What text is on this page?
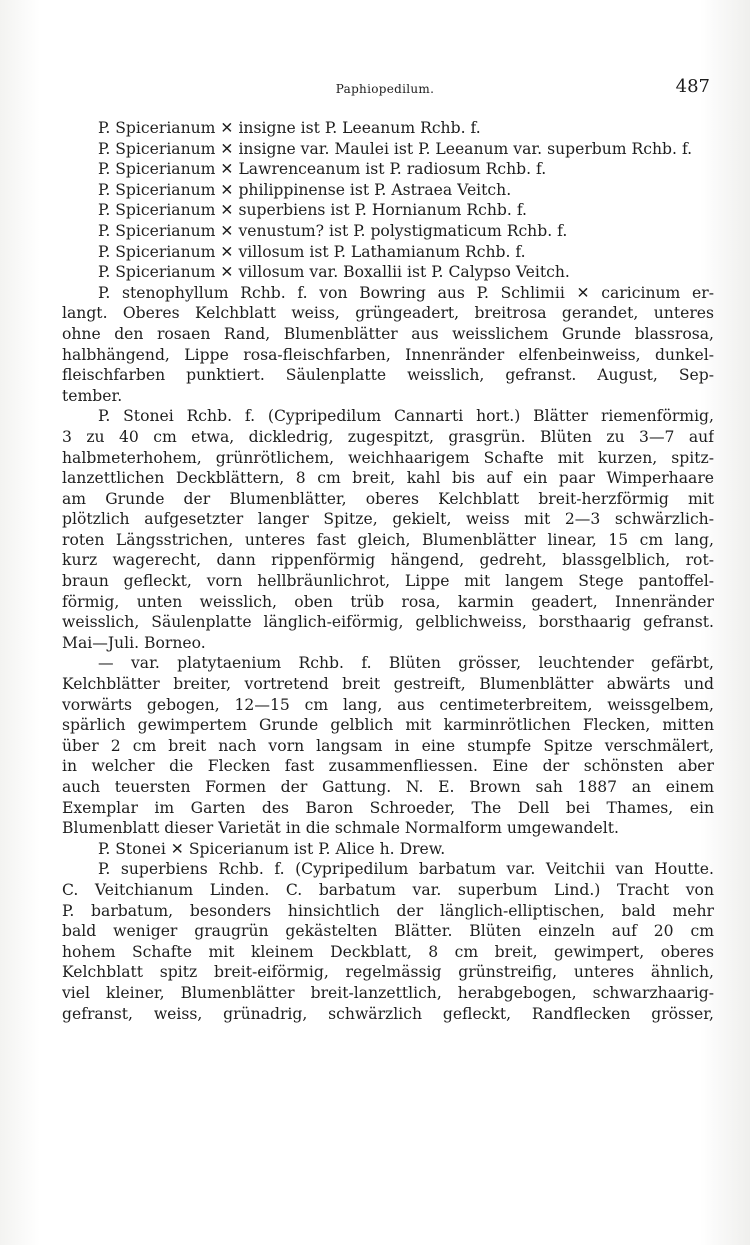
Paphiopedilum.	487
P. Spicerianum ✕ insigne ist P. Leeanum Rchb. f.
P. Spicerianum ✕ insigne var. Maulei ist P. Leeanum var. superbum Rchb. f.
P. Spicerianum ✕ Lawrenceanum ist P. radiosum Rchb. f.
P. Spicerianum ✕ philippinense ist P. Astraea Veitch.
P. Spicerianum ✕ superbiens ist P. Hornianum Rchb. f.
P. Spicerianum ✕ venustum? ist P. polystigmaticum Rchb. f.
P. Spicerianum ✕ villosum ist P. Lathamianum Rchb. f.
P. Spicerianum ✕ villosum var. Boxallii ist P. Calypso Veitch.
P. stenophyllum Rchb. f. von Bowring aus P. Schlimii ✕ caricinum er-
langt. Oberes Kelchblatt weiss, grüngeadert, breitrosa gerandet, unteres
ohne den rosaen Rand, Blumenblätter aus weisslichem Grunde blassrosa,
halbhängend, Lippe rosa-fleischfarben, Innenränder elfenbeinweiss, dunkel-
fleischfarben punktiert. Säulenplatte weisslich, gefranst. August, Sep-
tember.
P. Stonei Rchb. f. (Cypripedilum Cannarti hort.) Blätter riemenförmig,
3 zu 40 cm etwa, dickledrig, zugespitzt, grasgrün. Blüten zu 3—7 auf
halbmeterhohem, grünrötlichem, weichhaarigem Schafte mit kurzen, spitz-
lanzettlichen Deckblättern, 8 cm breit, kahl bis auf ein paar Wimperhaare
am Grunde der Blumenblätter, oberes Kelchblatt breit-herzförmig mit
plötzlich aufgesetzter langer Spitze, gekielt, weiss mit 2—3 schwärzlich-
roten Längsstrichen, unteres fast gleich, Blumenblätter linear, 15 cm lang,
kurz wagerecht, dann rippenförmig hängend, gedreht, blassgelblich, rot-
braun gefleckt, vorn hellbräunlichrot, Lippe mit langem Stege pantoffel-
förmig, unten weisslich, oben trüb rosa, karmin geadert, Innenränder
weisslich, Säulenplatte länglich-eiförmig, gelblichweiss, borsthaarig gefranst.
Mai—Juli. Borneo.
— var. platytaenium Rchb. f. Blüten grösser, leuchtender gefärbt,
Kelchblätter breiter, vortretend breit gestreift, Blumenblätter abwärts und
vorwärts gebogen, 12—15 cm lang, aus centimeterbreitem, weissgelbem,
spärlich gewimpertem Grunde gelblich mit karminrötlichen Flecken, mitten
über 2 cm breit nach vorn langsam in eine stumpfe Spitze verschmälert,
in welcher die Flecken fast zusammenfliessen. Eine der schönsten aber
auch teuersten Formen der Gattung. N. E. Brown sah 1887 an einem
Exemplar im Garten des Baron Schroeder, The Dell bei Thames, ein
Blumenblatt dieser Varietät in die schmale Normalform umgewandelt.
P. Stonei ✕ Spicerianum ist P. Alice h. Drew.
P. superbiens Rchb. f. (Cypripedilum barbatum var. Veitchii van Houtte.
C. Veitchianum Linden. C. barbatum var. superbum Lind.) Tracht von
P. barbatum, besonders hinsichtlich der länglich-elliptischen, bald mehr
bald weniger graugrün gekästelten Blätter. Blüten einzeln auf 20 cm
hohem Schafte mit kleinem Deckblatt, 8 cm breit, gewimpert, oberes
Kelchblatt spitz breit-eiförmig, regelmässig grünstreifig, unteres ähnlich,
viel kleiner, Blumenblätter breit-lanzettlich, herabgebogen, schwarzhaarig-
gefranst, weiss, grünadrig, schwärzlich gefleckt, Randflecken grösser,
